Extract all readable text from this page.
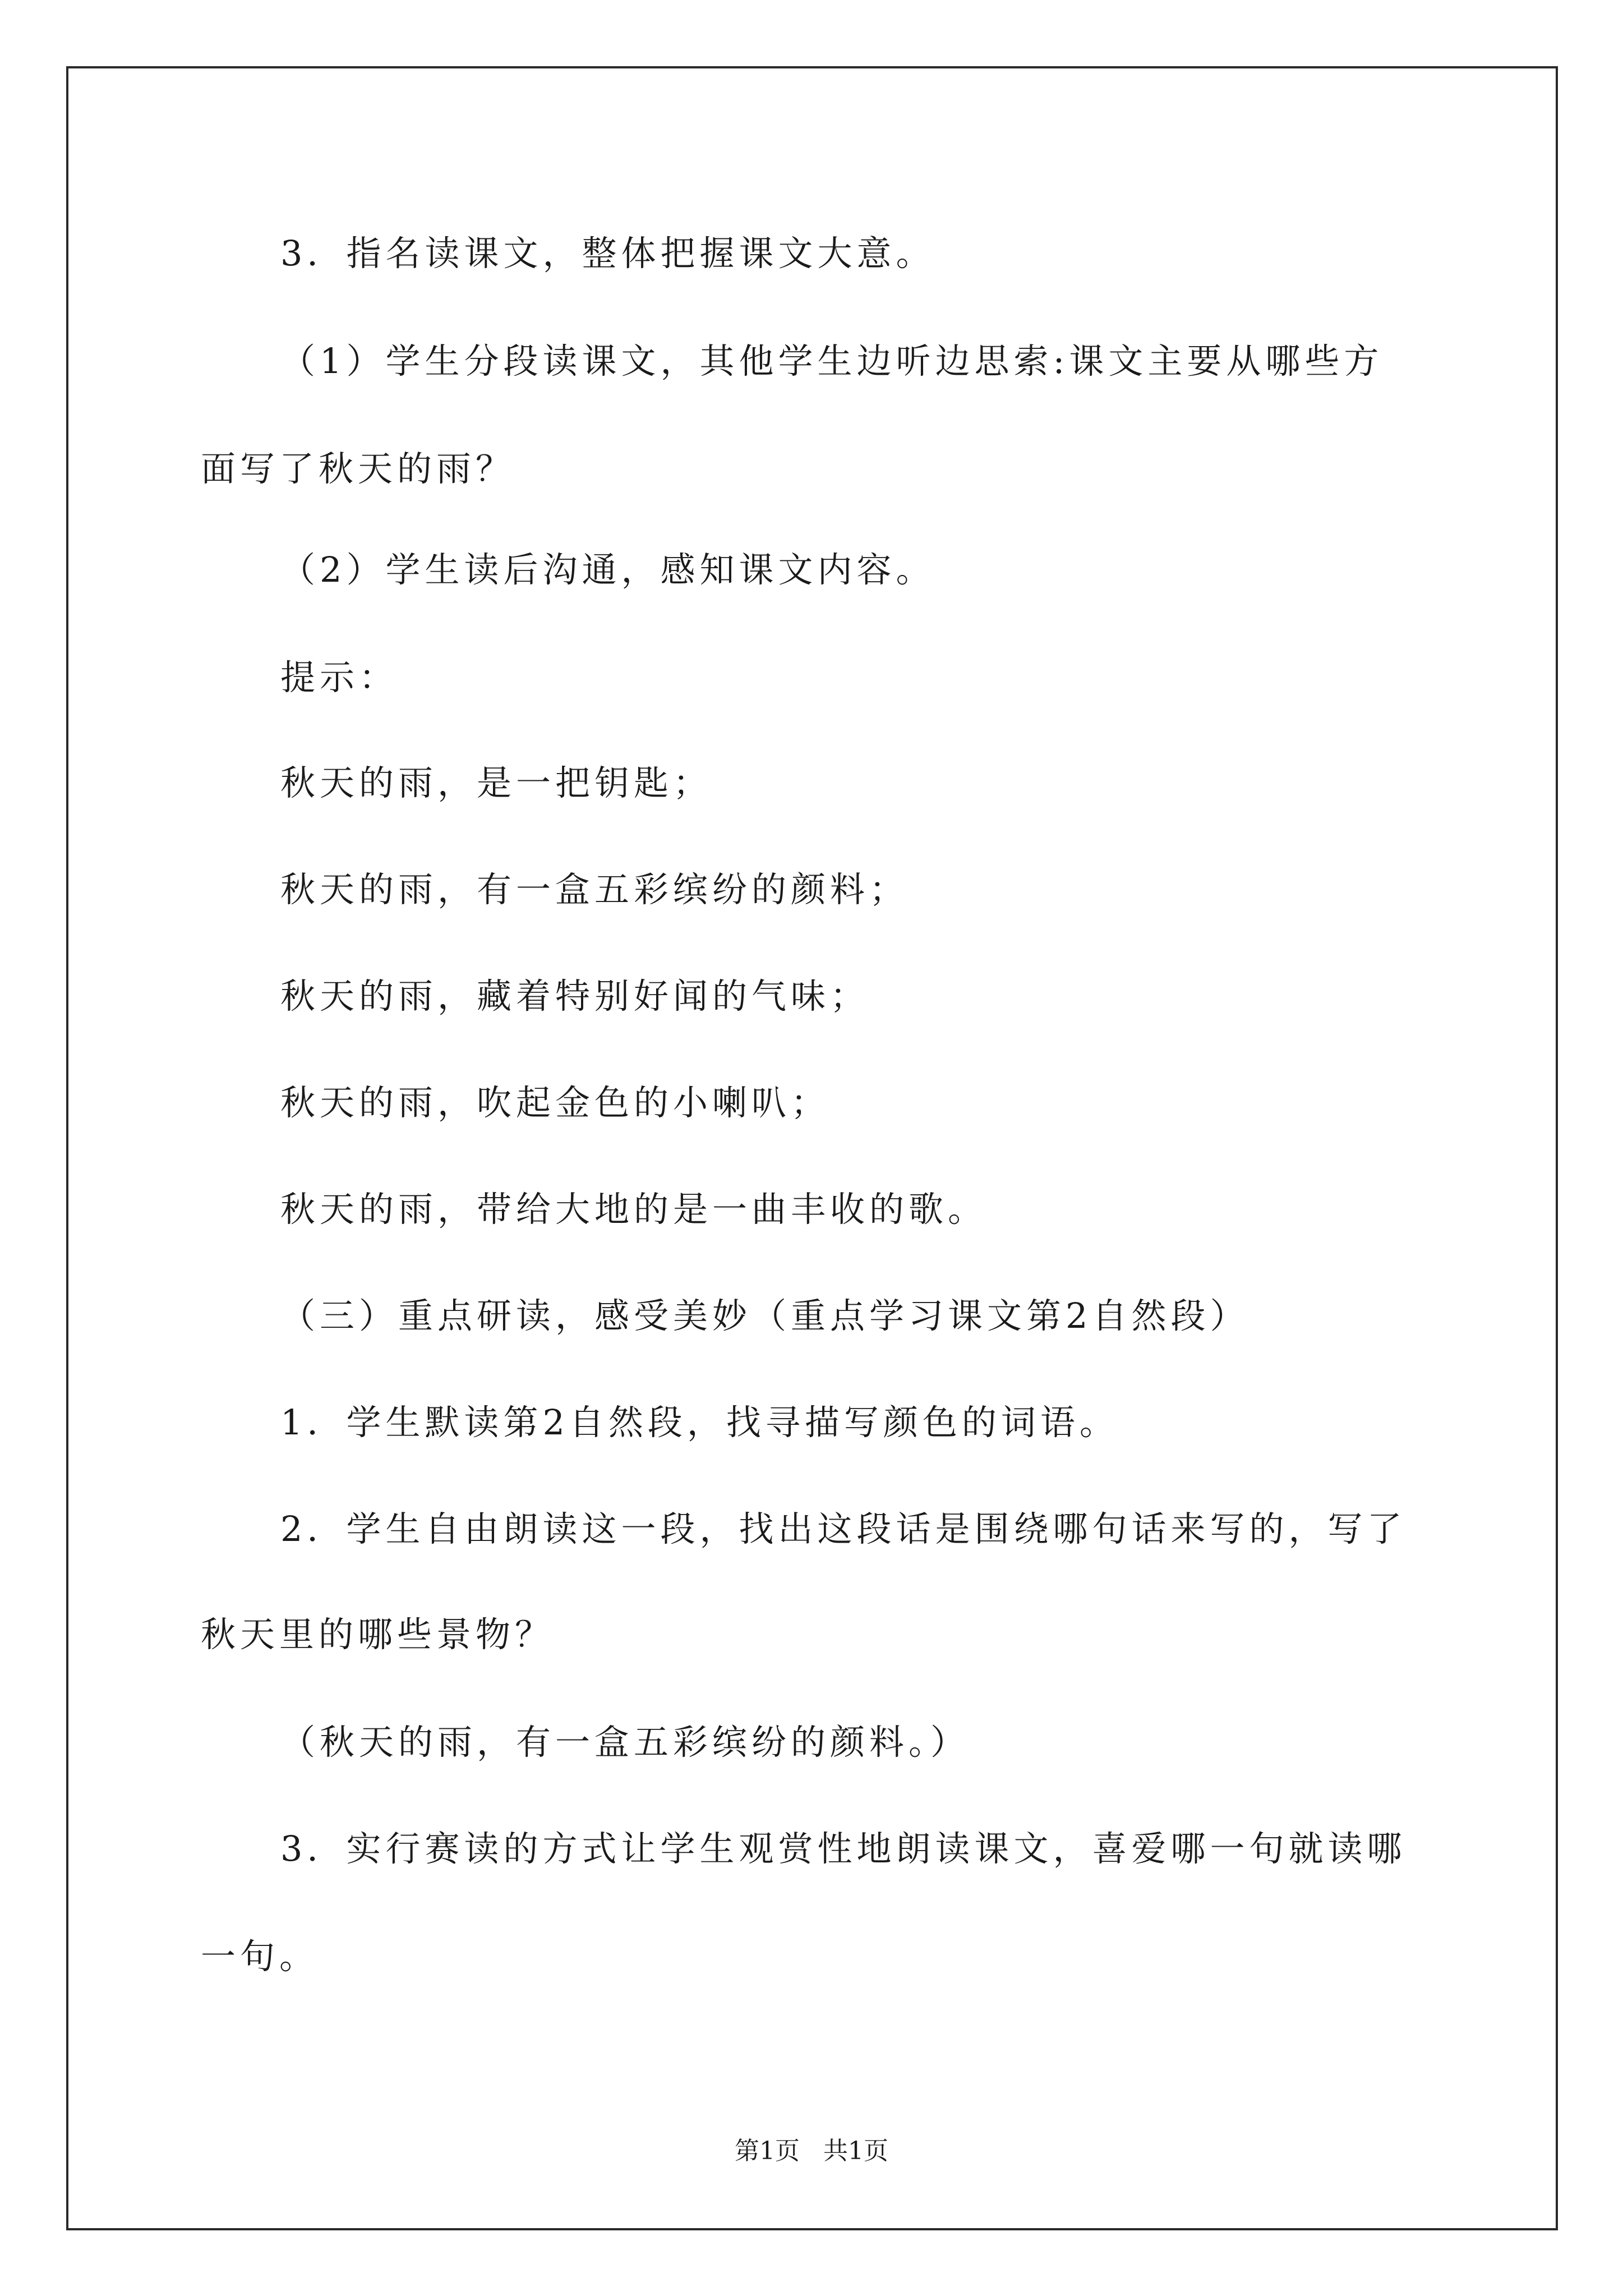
3．指名读课文，整体把握课文大意。
（1）学生分段读课文，其他学生边听边思索:课文主要从哪些方
面写了秋天的雨？
（2）学生读后沟通，感知课文内容。
提示：
秋天的雨，是一把钥匙；
秋天的雨，有一盒五彩缤纷的颜料；
秋天的雨，藏着特别好闻的气味；
秋天的雨，吹起金色的小喇叭；
秋天的雨，带给大地的是一曲丰收的歌。
（三）重点研读，感受美妙（重点学习课文第2自然段）
1．学生默读第2自然段，找寻描写颜色的词语。
2．学生自由朗读这一段，找出这段话是围绕哪句话来写的，写了
秋天里的哪些景物？
（秋天的雨，有一盒五彩缤纷的颜料。）
3．实行赛读的方式让学生观赏性地朗读课文，喜爱哪一句就读哪
一句。
第1页 共1页
